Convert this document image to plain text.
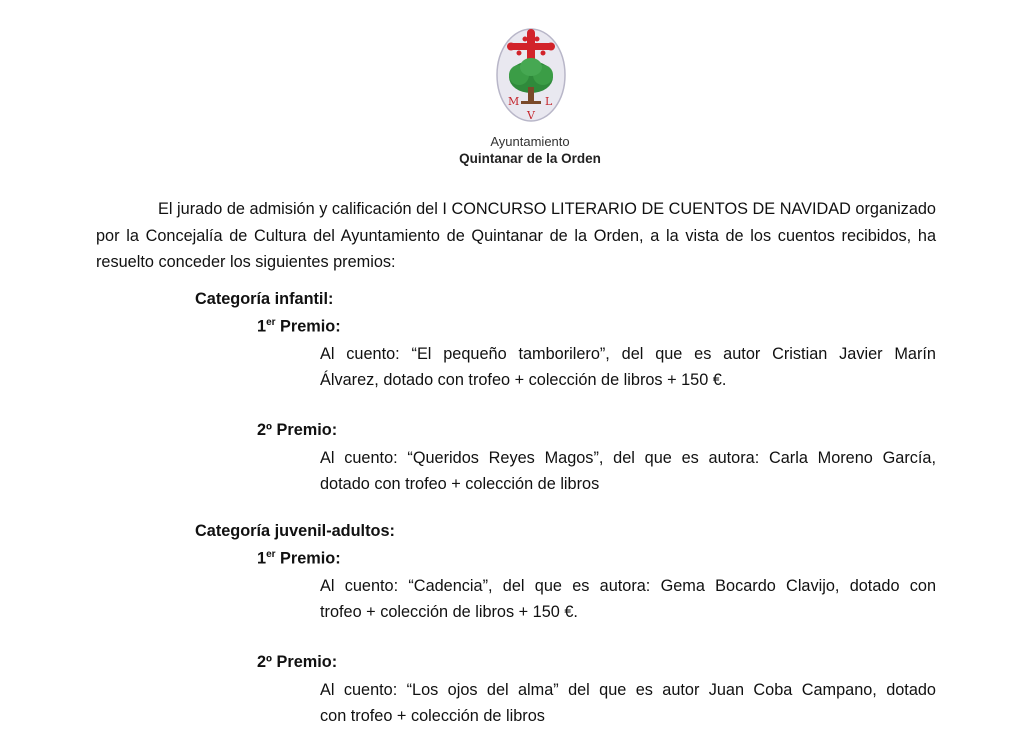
M L
V
Ayuntamiento
Quintanar de la Orden
El jurado de admisión y calificación del I CONCURSO LITERARIO DE CUENTOS DE NAVIDAD organizado por la Concejalía de Cultura del Ayuntamiento de Quintanar de la Orden, a la vista de los cuentos recibidos, ha resuelto conceder los siguientes premios:
Categoría infantil:
1er Premio:
Al cuento: “El pequeño tamborilero”, del que es autor Cristian Javier Marín
Álvarez, dotado con trofeo + colección de libros + 150 €.
2º Premio:
Al cuento: “Queridos Reyes Magos”, del que es autora: Carla Moreno García,
dotado con trofeo + colección de libros
Categoría juvenil-adultos:
1er Premio:
Al cuento: “Cadencia”, del que es autora: Gema Bocardo Clavijo, dotado con
trofeo + colección de libros + 150 €.
2º Premio:
Al cuento: “Los ojos del alma” del que es autor Juan Coba Campano, dotado
con trofeo + colección de libros
